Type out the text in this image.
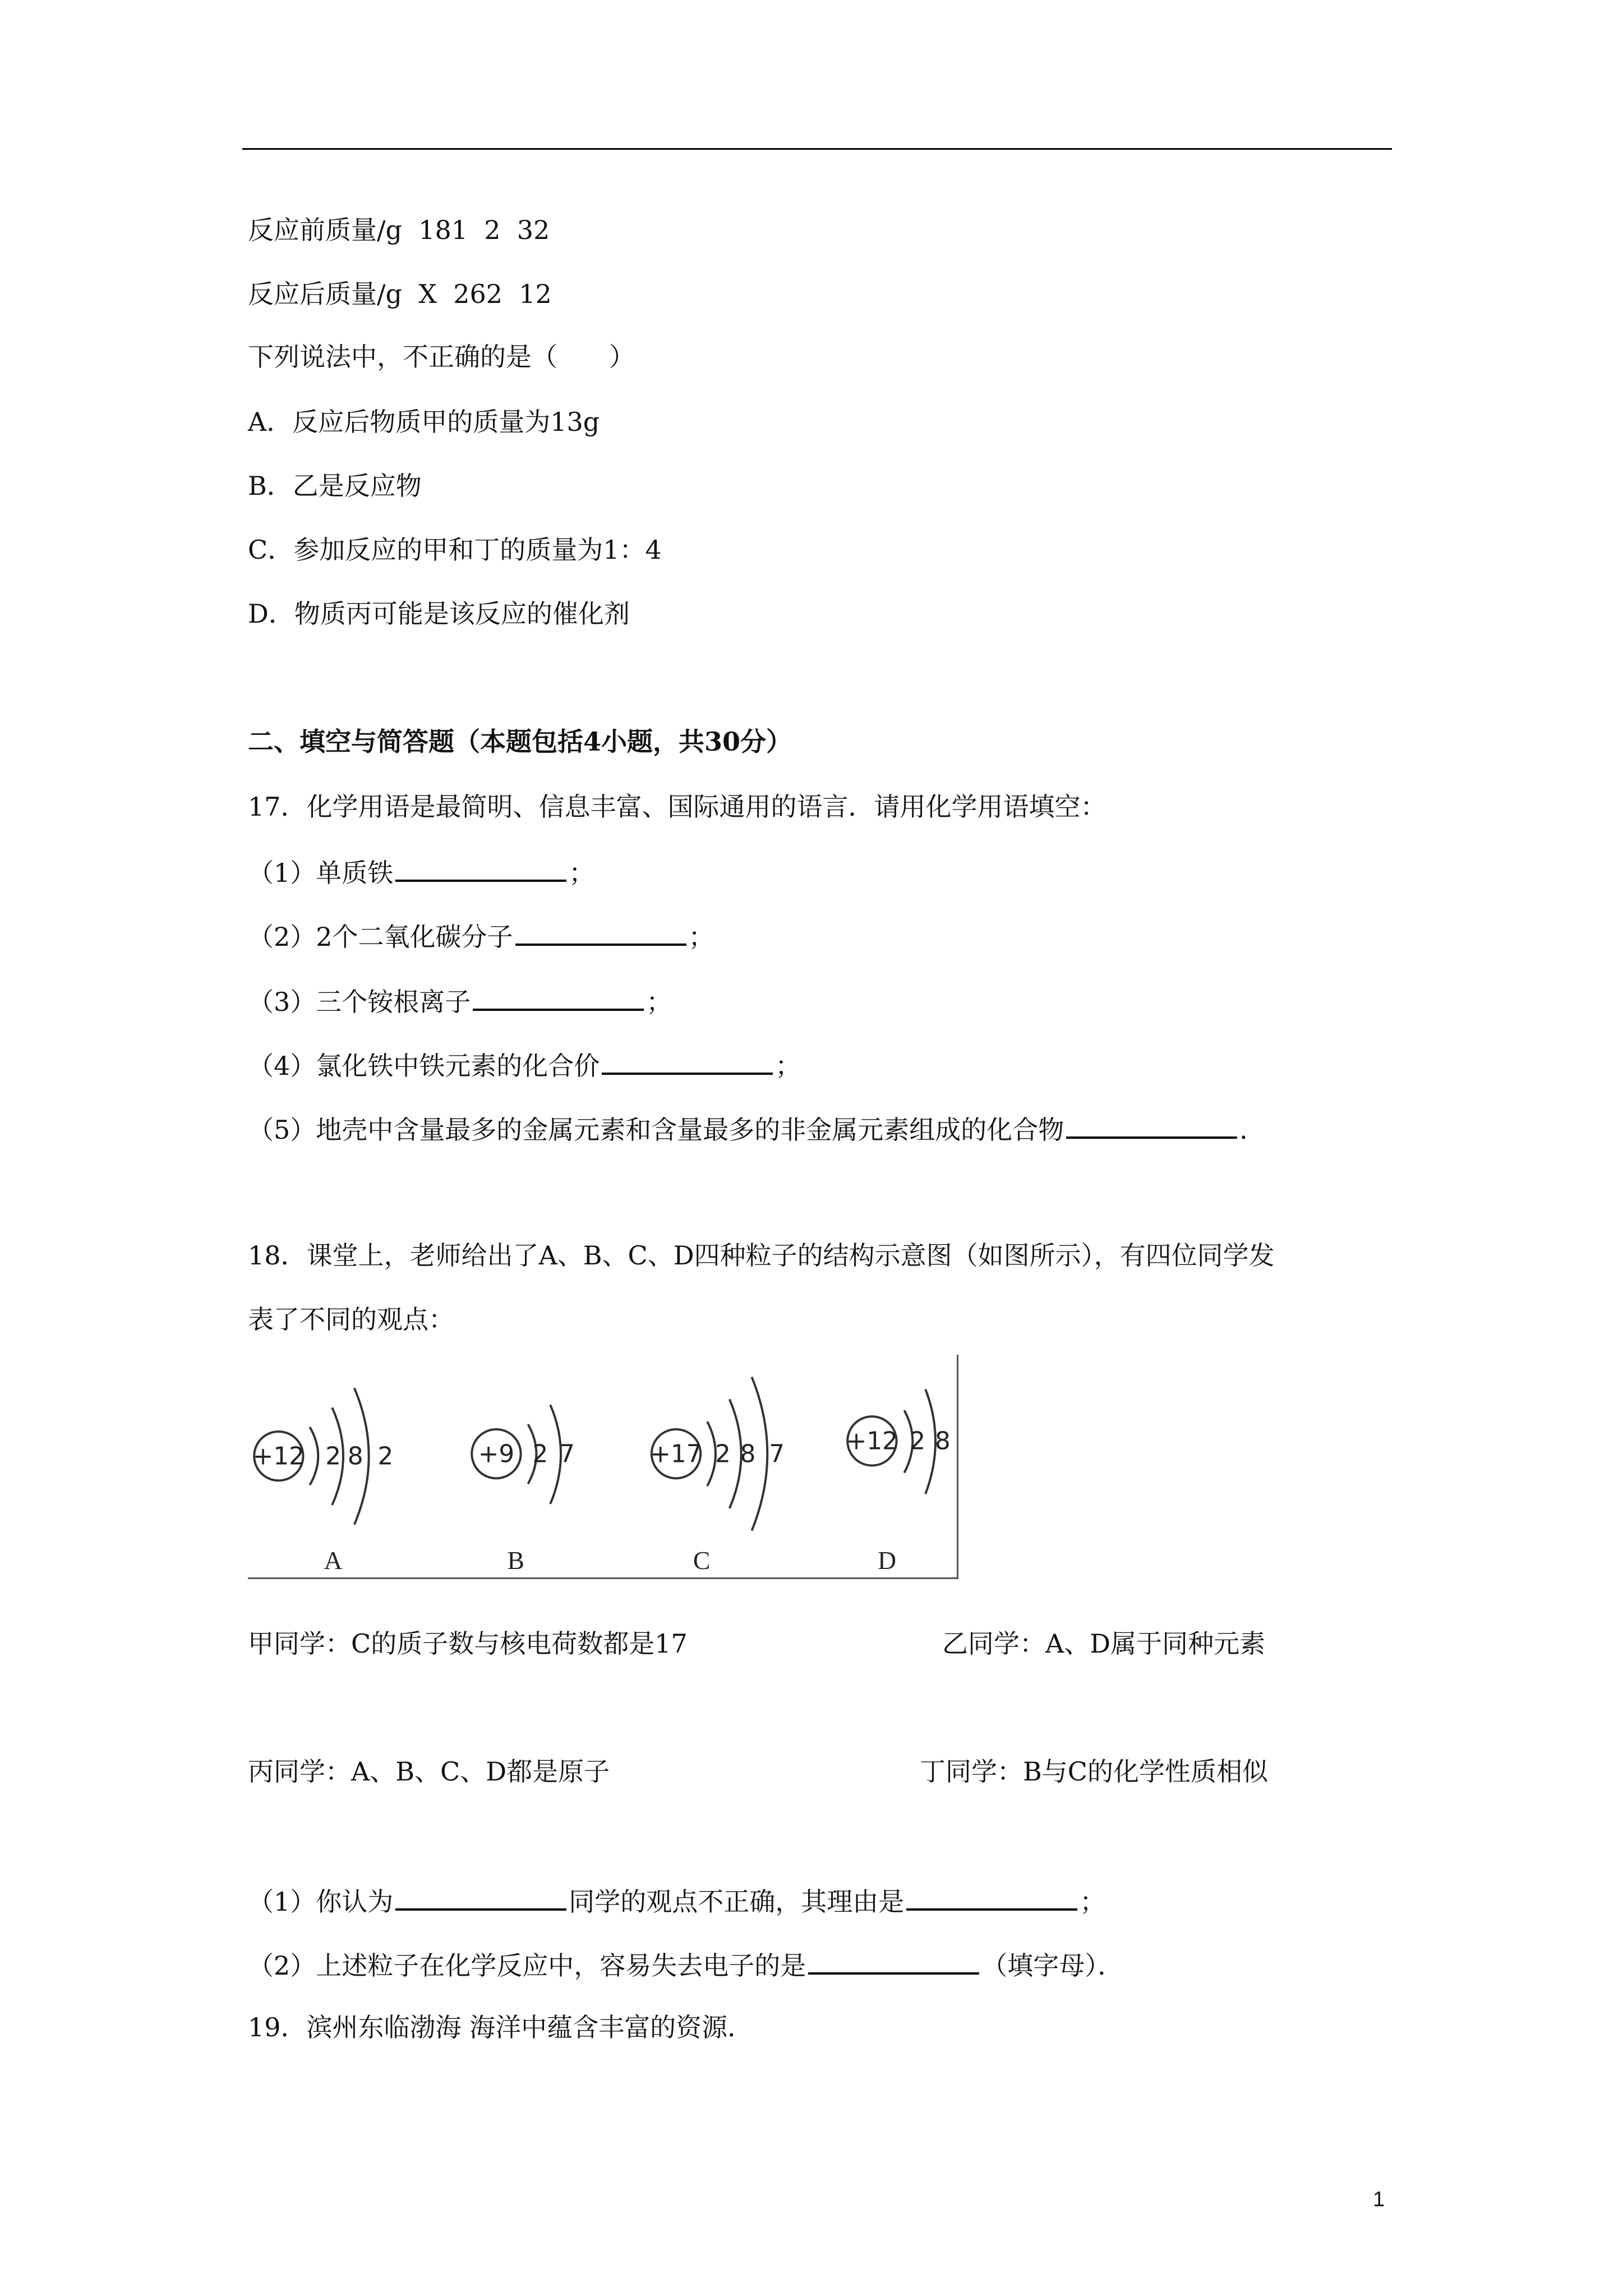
反应前质量/g 181  2  32
反应后质量/g X  262  12
下列说法中，不正确的是（　　）
A．反应后物质甲的质量为13g
B．乙是反应物
C．参加反应的甲和丁的质量为1：4
D．物质丙可能是该反应的催化剂
二、填空与简答题（本题包括4小题，共30分）
17．化学用语是最简明、信息丰富、国际通用的语言．请用化学用语填空：
（1）单质铁	；
（2）2个二氧化碳分子	；
（3）三个铵根离子	；
（4）氯化铁中铁元素的化合价	；
（5）地壳中含量最多的金属元素和含量最多的非金属元素组成的化合物	．
18．课堂上，老师给出了A、B、C、D四种粒子的结构示意图（如图所示），有四位同学发
表了不同的观点：
+12 2 8 2
A
+9 2 7
B
+17 2 8 7
C
+12 2 8
D
甲同学：C的质子数与核电荷数都是17	乙同学：A、D属于同种元素
丙同学：A、B、C、D都是原子	丁同学：B与C的化学性质相似
（1）你认为	同学的观点不正确，其理由是	；
（2）上述粒子在化学反应中，容易失去电子的是	（填字母）．
19．滨州东临渤海 海洋中蕴含丰富的资源．
1
